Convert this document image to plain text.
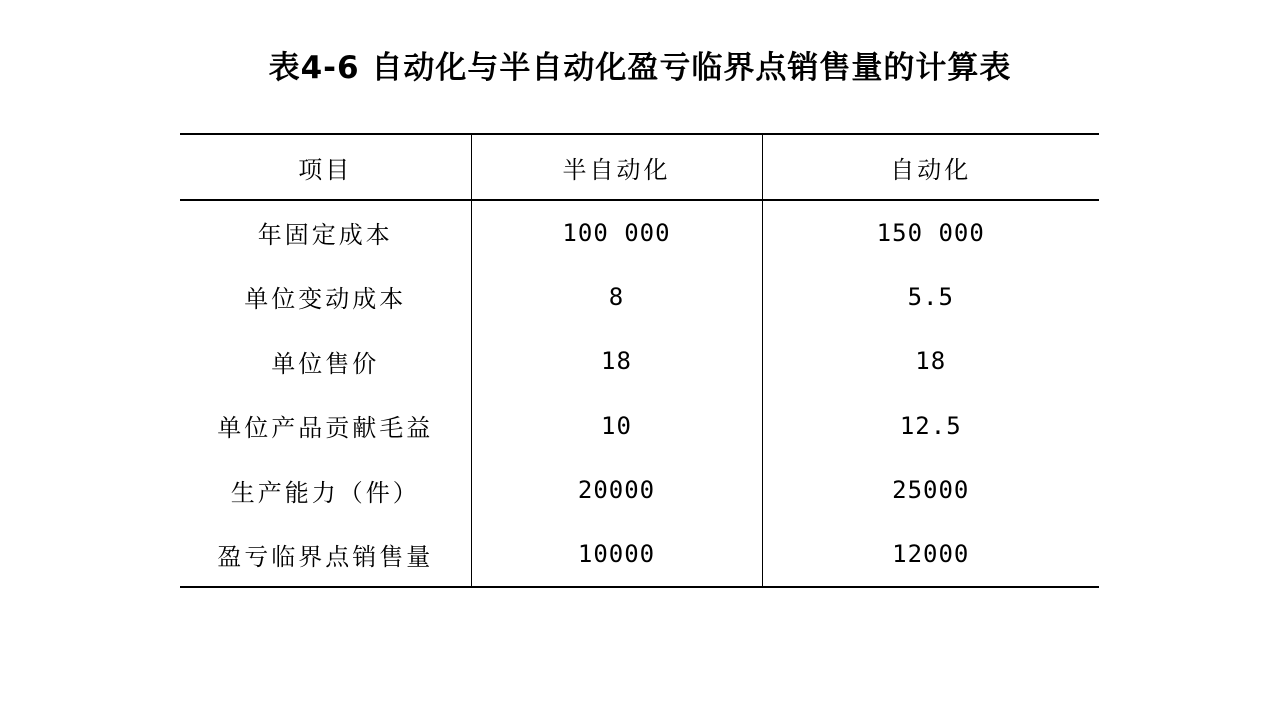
表4-6 自动化与半自动化盈亏临界点销售量的计算表
项目	半自动化	自动化
年固定成本	100 000	150 000
单位变动成本	8	5.5
单位售价	18	18
单位产品贡献毛益	10	12.5
生产能力（件）	20000	25000
盈亏临界点销售量	10000	12000
